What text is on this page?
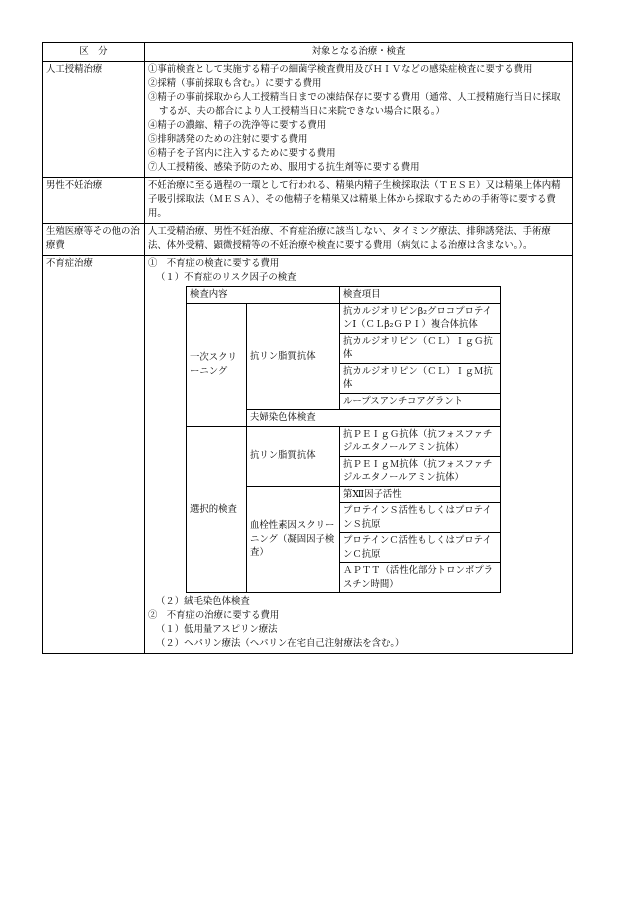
区　分	対象となる治療・検査
人工授精治療	①事前検査として実施する精子の細菌学検査費用及びＨＩＶなどの感染症検査に要する費用
②採精（事前採取も含む。）に要する費用
③精子の事前採取から人工授精当日までの凍結保存に要する費用（通常、人工授精施行当日に採取するが、夫の都合により人工授精当日に来院できない場合に限る。）
④精子の濃縮、精子の洗浄等に要する費用
⑤排卵誘発のための注射に要する費用
⑥精子を子宮内に注入するために要する費用
⑦人工授精後、感染予防のため、服用する抗生剤等に要する費用

男性不妊治療	不妊治療に至る過程の一環として行われる、精巣内精子生検採取法（ＴＥＳＥ）又は精巣上体内精子吸引採取法（ＭＥＳＡ）、その他精子を精巣又は精巣上体から採取するための手術等に要する費用。
生殖医療等その他の治療費	人工受精治療、男性不妊治療、不育症治療に該当しない、タイミング療法、排卵誘発法、手術療法、体外受精、顕微授精等の不妊治療や検査に要する費用（病気による治療は含まない。）。
不育症治療	①　不育症の検査に要する費用
（１）不育症のリスク因子の検査
検査内容	検査項目
一次スクリーニング	抗リン脂質抗体	抗カルジオリピンβ₂グロコプロテインⅠ（ＣＬβ₂ＧＰＩ）複合体抗体
抗カルジオリピン（ＣＬ）ＩｇＧ抗体
抗カルジオリピン（ＣＬ）ＩｇＭ抗体
ループスアンチコアグラント
夫婦染色体検査
選択的検査	抗リン脂質抗体	抗ＰＥＩｇＧ抗体（抗フォスファチジルエタノールアミン抗体）
抗ＰＥＩｇＭ抗体（抗フォスファチジルエタノールアミン抗体）
血栓性素因スクリーニング（凝固因子検査）	第Ⅻ因子活性
プロテインＳ活性もしくはプロテインＳ抗原
プロテインＣ活性もしくはプロテインＣ抗原
ＡＰＴＴ（活性化部分トロンボプラスチン時間）
（２）絨毛染色体検査
②　不育症の治療に要する費用
（１）低用量アスピリン療法
（２）ヘパリン療法（ヘパリン在宅自己注射療法を含む。）
